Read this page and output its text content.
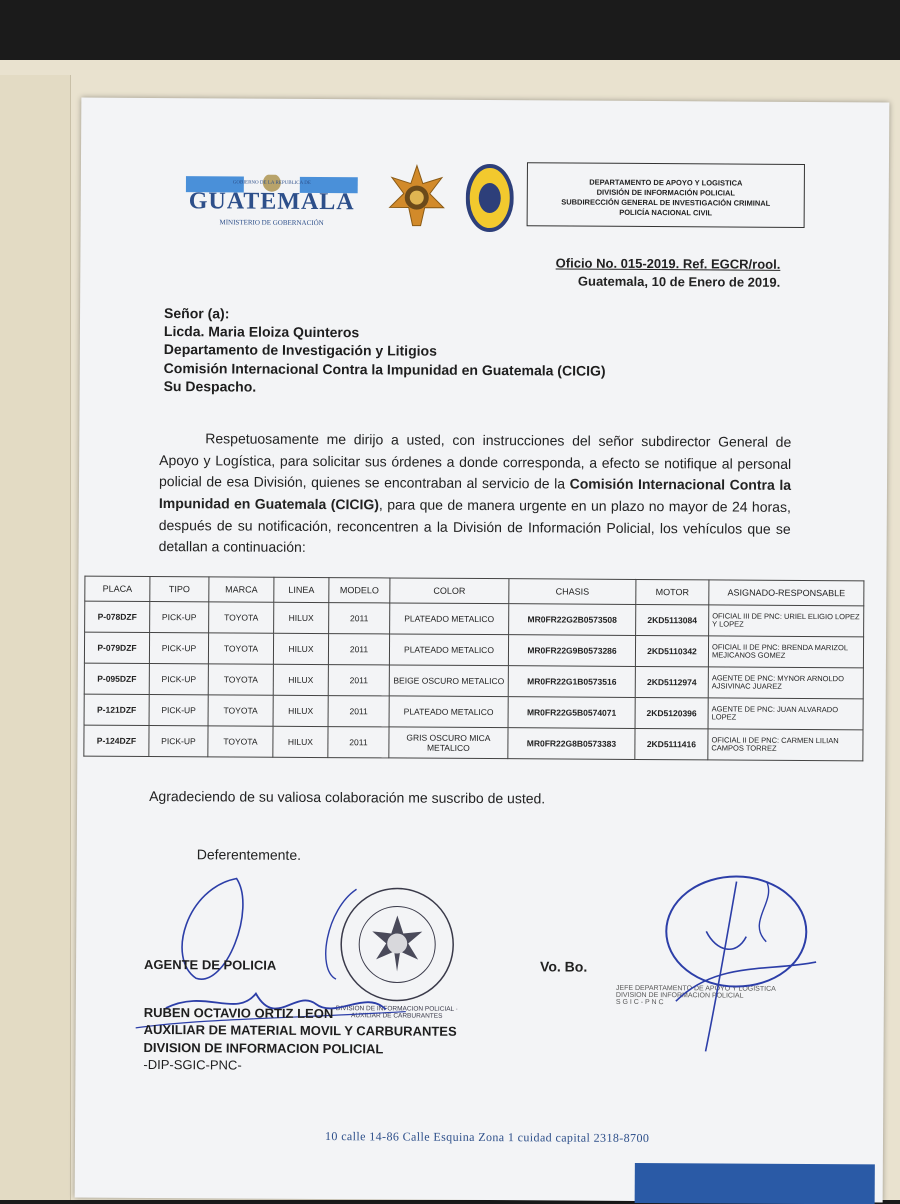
GOBIERNO DE LA REPUBLICA DE
GUATEMALA
MINISTERIO DE GOBERNACIÓN
DEPARTAMENTO DE APOYO Y LOGISTICA
DIVISIÓN DE INFORMACIÓN POLICIAL
SUBDIRECCIÓN GENERAL DE INVESTIGACIÓN CRIMINAL
POLICÍA NACIONAL CIVIL
Oficio No. 015-2019. Ref. EGCR/rool.
Guatemala, 10 de Enero de 2019.
Señor (a):
Licda. Maria Eloiza Quinteros
Departamento de Investigación y Litigios
Comisión Internacional Contra la Impunidad en Guatemala (CICIG)
Su Despacho.
Respetuosamente me dirijo a usted, con instrucciones del señor subdirector General de Apoyo y Logística, para solicitar sus órdenes a donde corresponda, a efecto se notifique al personal policial de esa División, quienes se encontraban al servicio de la Comisión Internacional Contra la Impunidad en Guatemala (CICIG), para que de manera urgente en un plazo no mayor de 24 horas, después de su notificación, reconcentren a la División de Información Policial, los vehículos que se detallan a continuación:
PLACA	TIPO	MARCA	LINEA	MODELO	COLOR	CHASIS	MOTOR	ASIGNADO-RESPONSABLE
P-078DZF	PICK-UP	TOYOTA	HILUX	2011	PLATEADO METALICO	MR0FR22G2B0573508	2KD5113084	OFICIAL III DE PNC: URIEL ELIGIO LOPEZ Y LOPEZ
P-079DZF	PICK-UP	TOYOTA	HILUX	2011	PLATEADO METALICO	MR0FR22G9B0573286	2KD5110342	OFICIAL II DE PNC: BRENDA MARIZOL MEJICANOS GOMEZ
P-095DZF	PICK-UP	TOYOTA	HILUX	2011	BEIGE OSCURO METALICO	MR0FR22G1B0573516	2KD5112974	AGENTE DE PNC: MYNOR ARNOLDO AJSIVINAC JUAREZ
P-121DZF	PICK-UP	TOYOTA	HILUX	2011	PLATEADO METALICO	MR0FR22G5B0574071	2KD5120396	AGENTE DE PNC: JUAN ALVARADO LOPEZ
P-124DZF	PICK-UP	TOYOTA	HILUX	2011	GRIS OSCURO MICA METALICO	MR0FR22G8B0573383	2KD5111416	OFICIAL II DE PNC: CARMEN LILIAN CAMPOS TORREZ
Agradeciendo de su valiosa colaboración me suscribo de usted.
Deferentemente.
DIVISION DE INFORMACION POLICIAL · AUXILIAR DE CARBURANTES
AGENTE DE POLICIA
RUBEN OCTAVIO ORTIZ LEON
AUXILIAR DE MATERIAL MOVIL Y CARBURANTES
DIVISION DE INFORMACION POLICIAL
-DIP-SGIC-PNC-
Vo. Bo.
JEFE DEPARTAMENTO DE APOYO Y LOGISTICA
DIVISION DE INFORMACION POLICIAL
S G I C - P N C
10 calle 14-86 Calle Esquina Zona 1 cuidad capital 2318-8700
